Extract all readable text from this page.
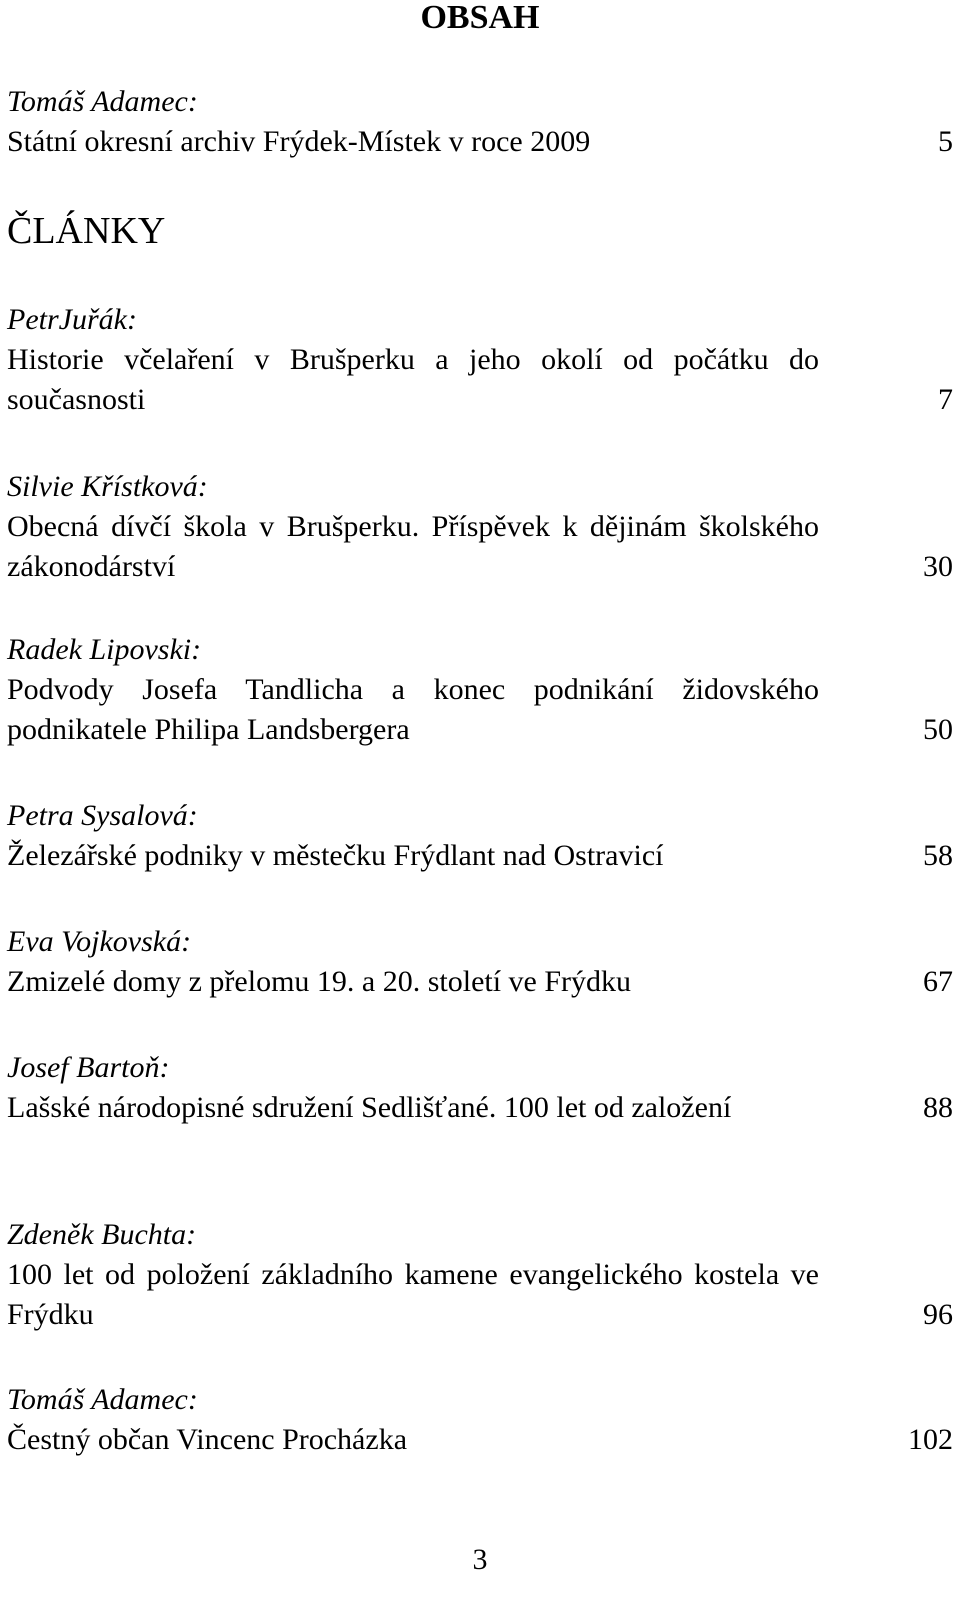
OBSAH
Tomáš Adamec:
Státní okresní archiv Frýdek-Místek v roce 2009	5
ČLÁNKY
PetrJuřák:
Historie včelaření v Brušperku a jeho okolí od počátku do současnosti	7
Silvie Křístková:
Obecná dívčí škola v Brušperku. Příspěvek k dějinám školského zákonodárství	30
Radek Lipovski:
Podvody Josefa Tandlicha a konec podnikání židovského podnikatele Philipa Landsbergera	50
Petra Sysalová:
Železářské podniky v městečku Frýdlant nad Ostravicí	58
Eva Vojkovská:
Zmizelé domy z přelomu 19. a 20. století ve Frýdku	67
Josef Bartoň:
Lašské národopisné sdružení Sedlišťané. 100 let od založení	88
Zdeněk Buchta:
100 let od položení základního kamene evangelického kostela ve Frýdku	96
Tomáš Adamec:
Čestný občan Vincenc Procházka	102
3
